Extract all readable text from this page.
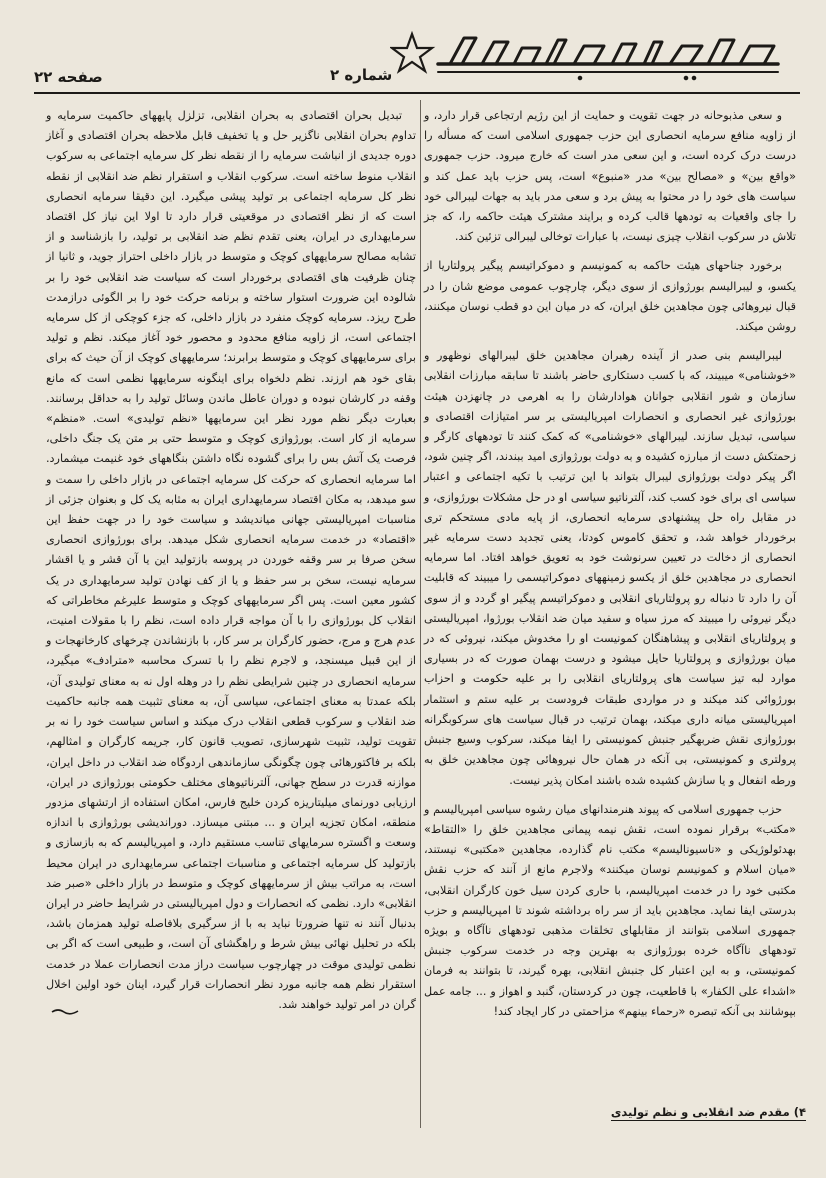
شماره ۲
صفحه ۲۲

و سعی مذبوحانه در جهت تقویت و حمایت از این رژیم ارتجاعی قرار دارد، و از زاویه منافع سرمایه انحصاری این حزب جمهوری اسلامی است که مسأله را درست درک کرده است، و این سعی مدر است که خارج میرود. حزب جمهوری «واقع بین» و «مصالح بین» مدر «منبوع» است، پس حزب باید عمل کند و سیاست های خود را در محتوا به پیش برد و سعی مدر باید به جهات لیبرالی خود را جای واقعیات به تودهها قالب کرده و برایند مشترک هیئت حاکمه را، که جز تلاش در سرکوب انقلاب چیزی نیست، با عبارات توخالی لیبرالی تزئین کند.

برخورد جناحهای هیئت حاکمه به کمونیسم و دموکراتیسم پیگیر پرولتاریا از یکسو، و لیبرالیسم بورژوازی از سوی دیگر، چارچوب عمومی موضع شان را در قبال نیروهائی چون مجاهدین خلق ایران، که در میان این دو قطب نوسان میکنند، روشن میکند.

لیبرالیسم بنی صدر از آینده رهبران مجاهدین خلق لیبرالهای نوظهور و «خوشنامی» میبیند، که با کسب دستکاری حاضر باشند تا سابقه مبارزات انقلابی سازمان و شور انقلابی جوانان هوادارشان را به اهرمی در چانهزدن هیئت بورژوازی غیر انحصاری و انحصارات امپریالیستی بر سر امتیازات اقتصادی و سیاسی، تبدیل سازند. لیبرالهای «خوشنامی» که کمک کنند تا تودههای کارگر و زحمتکش دست از مبارزه کشیده و به دولت بورژوازی امید ببندند، اگر چنین شود، اگر پیکر دولت بورژوازی لیبرال بتواند با این ترتیب با تکیه اجتماعی و اعتبار سیاسی ای برای خود کسب کند، آلترناتیو سیاسی او در حل مشکلات بورژوازی، و در مقابل راه حل پیشنهادی سرمایه انحصاری، از پایه مادی مستحکم تری برخوردار خواهد شد، و تحقق کاموس کودتا، یعنی تجدید دست سرمایه غیر انحصاری از دخالت در تعیین سرنوشت خود به تعویق خواهد افتاد. اما سرمایه انحصاری در مجاهدین خلق از یکسو زمینههای دموکراتیسمی را میبیند که قابلیت آن را دارد تا دنباله رو پرولتاریای انقلابی و دموکراتیسم پیگیر او گردد و از سوی دیگر نیروئی را میبیند که مرز سیاه و سفید میان ضد انقلاب بورژوا، امپریالیستی و پرولتاریای انقلابی و پیشاهنگان کمونیست او را مخدوش میکند، نیروئی که در میان بورژوازی و پرولتاریا حایل میشود و درست بهمان صورت که در بسیاری موارد لبه تیز سیاست های پرولتاریای انقلابی را بر علیه حکومت و احزاب بورژوائی کند میکند و در مواردی طبقات فرودست بر علیه ستم و استثمار امپریالیستی میانه داری میکند، بهمان ترتیب در قبال سیاست های سرکوبگرانه بورژوازی نقش ضربهگیر جنبش کمونیستی را ایفا میکند، سرکوب وسیع جنبش پرولتری و کمونیستی، بی آنکه در همان حال نیروهائی چون مجاهدین خلق به ورطه انفعال و یا سازش کشیده شده باشند امکان پذیر نیست.

حزب جمهوری اسلامی که پیوند هنرمندانهای میان رشوه سیاسی امپریالیسم و «مکتب» برقرار نموده است، نقش نیمه پیمانی مجاهدین خلق را «التقاط» بهدئولوژیکی و «ناسیونالیسم» مکتب نام گذارده، مجاهدین «مکتبی» نیستند، «میان اسلام و کمونیسم نوسان میکنند» ولاجرم مانع از آنند که حزب نقش مکتبی خود را در خدمت امپریالیسم، با حاری کردن سیل خون کارگران انقلابی، بدرستی ایفا نماید. مجاهدین باید از سر راه برداشته شوند تا امپریالیسم و حزب جمهوری اسلامی بتوانند از مقابلهای تخلقات مذهبی تودههای ناآگاه و بویژه تودههای ناآگاه خرده بورژوازی به بهترین وجه در خدمت سرکوب جنبش کمونیستی، و به این اعتبار کل جنبش انقلابی، بهره گیرند، تا بتوانند به فرمان «اشداء علی الکفار» با قاطعیت، چون در کردستان، گنبد و اهواز و ... جامه عمل بپوشانند بی آنکه تبصره «رحماء بینهم» مزاحمتی در کار ایجاد کند!

تبدیل بحران اقتصادی به بحران انقلابی، تزلزل پایههای حاکمیت سرمایه و تداوم بحران انقلابی ناگزیر حل و یا تخفیف قابل ملاحظه بحران اقتصادی و آغاز دوره جدیدی از انباشت سرمایه را از نقطه نظر کل سرمایه اجتماعی به سرکوب انقلاب منوط ساخته است. سرکوب انقلاب و استقرار نظم ضد انقلابی از نقطه نظر کل سرمایه اجتماعی بر تولید پیشی میگیرد. این دقیقا سرمایه انحصاری است که از نظر اقتصادی در موقعیتی قرار دارد تا اولا این نیاز کل اقتصاد سرمایهداری در ایران، یعنی تقدم نظم ضد انقلابی بر تولید، را بازشناسد و از تشابه مصالح سرمایههای کوچک و متوسط در بازار داخلی احتراز جوید، و ثانیا از چنان ظرفیت های اقتصادی برخوردار است که سیاست ضد انقلابی خود را بر شالوده این ضرورت استوار ساخته و برنامه حرکت خود را بر الگوئی درازمدت طرح ریزد. سرمایه کوچک منفرد در بازار داخلی، که جزء کوچکی از کل سرمایه اجتماعی است، از زاویه منافع محدود و محصور خود آغاز میکند. نظم و تولید برای سرمایههای کوچک و متوسط برابرند؛ سرمایههای کوچک از آن حیث که برای بقای خود هم ارزند. نظم دلخواه برای اینگونه سرمایهها نظمی است که مانع وقفه در کارشان نبوده و دوران عاطل ماندن وسائل تولید را به حداقل برسانند. بعبارت دیگر نظم مورد نظر این سرمایهها «نظم تولیدی» است. «منظم» سرمایه از کار است. بورژوازی کوچک و متوسط حتی بر متن یک جنگ داخلی، فرصت یک آتش بس را برای گشوده نگاه داشتن بنگاههای خود غنیمت میشمارد. اما سرمایه انحصاری که حرکت کل سرمایه اجتماعی در بازار داخلی را سمت و سو میدهد، به مکان اقتصاد سرمایهداری ایران به مثابه یک کل و بعنوان جزئی از مناسبات امپریالیستی جهانی میاندیشد و سیاست خود را در جهت حفظ این «اقتصاد» در خدمت سرمایه انحصاری شکل میدهد. برای بورژوازی انحصاری سخن صرفا بر سر وقفه خوردن در پروسه بازتولید این یا آن قشر و یا اقشار سرمایه نیست، سخن بر سر حفظ و یا از کف نهادن تولید سرمایهداری در یک کشور معین است. پس اگر سرمایههای کوچک و متوسط علیرغم مخاطراتی که انقلاب کل بورژوازی را با آن مواجه قرار داده است، نظم را با مقولات امنیت، عدم هرج و مرج، حضور کارگران بر سر کار، با بازنشاندن چرخهای کارخانهجات و از این قبیل میسنجد، و لاجرم نظم را با تسرک محاسبه «مترادف» میگیرد، سرمایه انحصاری در چنین شرایطی نظم را در وهله اول نه به معنای تولیدی آن، بلکه عمدتا به معنای اجتماعی، سیاسی آن، به معنای تثبیت همه جانبه حاکمیت ضد انقلاب و سرکوب قطعی انقلاب درک میکند و اساس سیاست خود را نه بر تقویت تولید، تثبیت شهرسازی، تصویب قانون کار، جریمه کارگران و امثالهم، بلکه بر فاکتورهائی چون چگونگی سازماندهی اردوگاه ضد انقلاب در داخل ایران، موازنه قدرت در سطح جهانی، آلترناتیوهای مختلف حکومتی بورژوازی در ایران، ارزیابی دورنمای میلیتاریزه کردن خلیج فارس، امکان استفاده از ارتشهای مزدور منطقه، امکان تجزیه ایران و ... مبتنی میسازد. دوراندیشی بورژوازی با اندازه وسعت و اگستره سرمایهای تناسب مستقیم دارد، و امپریالیسم که به بازسازی و بازتولید کل سرمایه اجتماعی و مناسبات اجتماعی سرمایهداری در ایران محیط است، به مراتب بیش از سرمایههای کوچک و متوسط در بازار داخلی «صبر ضد انقلابی» دارد. نظمی که انحصارات و دول امپریالیستی در شرایط حاضر در ایران بدنبال آنند نه تنها ضرورتا نباید به با از سرگیری بلافاصله تولید همزمان باشد، بلکه در تحلیل نهائی بیش شرط و راهگشای آن است، و طبیعی است که اگر بی نظمی تولیدی موقت در چهارچوب سیاست دراز مدت انحصارات عملا در خدمت استقرار نظم همه جانبه مورد نظر انحصارات قرار گیرد، اینان خود اولین اخلال گران در امر تولید خواهند شد.

۴) مقدم ضد انقلابی و نظم تولیدی
